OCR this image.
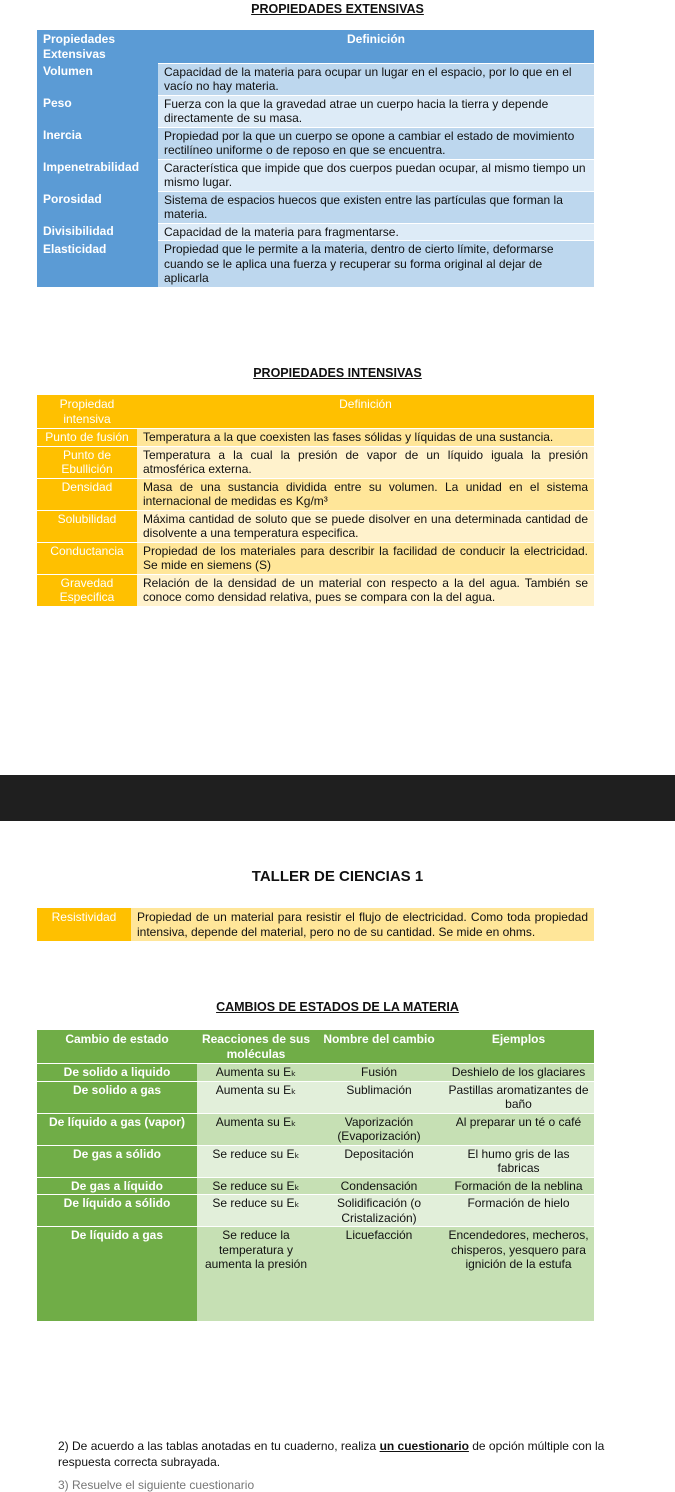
PROPIEDADES EXTENSIVAS
Propiedades Extensivas	Definición
Volumen	Capacidad de la materia para ocupar un lugar en el espacio, por lo que en el vacío no hay materia.
Peso	Fuerza con la que la gravedad atrae un cuerpo hacia la tierra y depende directamente de su masa.
Inercia	Propiedad por la que un cuerpo se opone a cambiar el estado de movimiento rectilíneo uniforme o de reposo en que se encuentra.
Impenetrabilidad	Característica que impide que dos cuerpos puedan ocupar, al mismo tiempo un mismo lugar.
Porosidad	Sistema de espacios huecos que existen entre las partículas que forman la materia.
Divisibilidad	Capacidad de la materia para fragmentarse.
Elasticidad	Propiedad que le permite a la materia, dentro de cierto límite, deformarse cuando se le aplica una fuerza y recuperar su forma original al dejar de aplicarla
PROPIEDADES INTENSIVAS
Propiedad intensiva	Definición
Punto de fusión	Temperatura a la que coexisten las fases sólidas y líquidas de una sustancia.
Punto de Ebullición	Temperatura a la cual la presión de vapor de un líquido iguala la presión atmosférica externa.
Densidad	Masa de una sustancia dividida entre su volumen. La unidad en el sistema internacional de medidas es Kg/m³
Solubilidad	Máxima cantidad de soluto que se puede disolver en una determinada cantidad de disolvente a una temperatura especifica.
Conductancia	Propiedad de los materiales para describir la facilidad de conducir la electricidad. Se mide en siemens (S)
Gravedad Especifica	Relación de la densidad de un material con respecto a la del agua. También se conoce como densidad relativa, pues se compara con la del agua.
TALLER DE CIENCIAS 1
Resistividad	Propiedad de un material para resistir el flujo de electricidad. Como toda propiedad intensiva, depende del material, pero no de su cantidad. Se mide en ohms.
CAMBIOS DE ESTADOS DE LA MATERIA
Cambio de estado	Reacciones de sus moléculas	Nombre del cambio	Ejemplos
De solido a liquido	Aumenta su Eₖ	Fusión	Deshielo de los glaciares
De solido a gas	Aumenta su Eₖ	Sublimación	Pastillas aromatizantes de baño
De líquido a gas (vapor)	Aumenta su Eₖ	Vaporización (Evaporización)	Al preparar un té o café
De gas a sólido	Se reduce su Eₖ	Depositación	El humo gris de las fabricas
De gas a líquido	Se reduce su Eₖ	Condensación	Formación de la neblina
De líquido a sólido	Se reduce su Eₖ	Solidificación (o Cristalización)	Formación de hielo
De líquido a gas	Se reduce la temperatura y aumenta la presión	Licuefacción	Encendedores, mecheros, chisperos, yesquero para ignición de la estufa
2) De acuerdo a las tablas anotadas en tu cuaderno, realiza un cuestionario de opción múltiple con la respuesta correcta subrayada.
3) Resuelve el siguiente cuestionario
